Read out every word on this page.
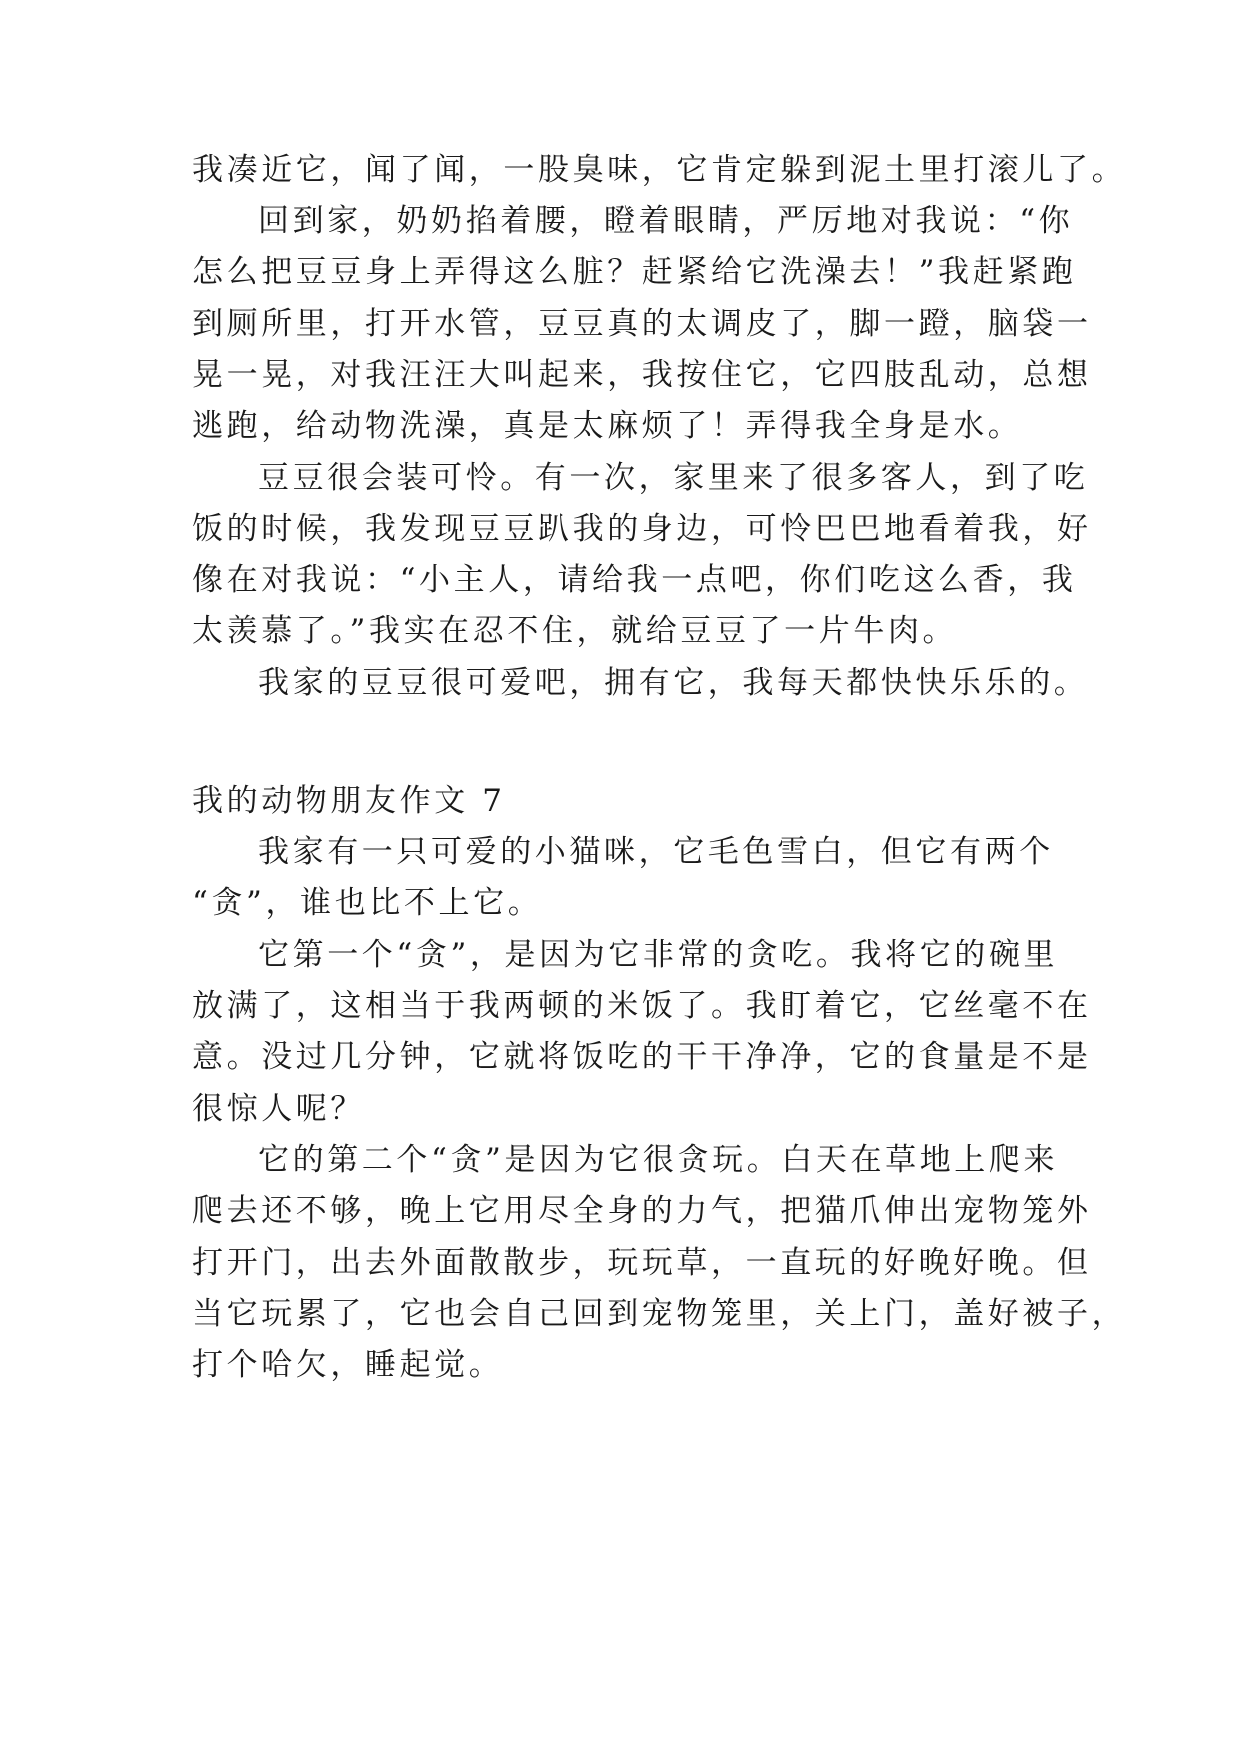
我凑近它，闻了闻，一股臭味，它肯定躲到泥土里打滚儿了。

回到家，奶奶掐着腰，瞪着眼睛，严厉地对我说：“你

怎么把豆豆身上弄得这么脏？赶紧给它洗澡去！”我赶紧跑

到厕所里，打开水管，豆豆真的太调皮了，脚一蹬，脑袋一

晃一晃，对我汪汪大叫起来，我按住它，它四肢乱动，总想

逃跑，给动物洗澡，真是太麻烦了！弄得我全身是水。

豆豆很会装可怜。有一次，家里来了很多客人，到了吃

饭的时候，我发现豆豆趴我的身边，可怜巴巴地看着我，好

像在对我说：“小主人，请给我一点吧，你们吃这么香，我

太羡慕了。”我实在忍不住，就给豆豆了一片牛肉。

我家的豆豆很可爱吧，拥有它，我每天都快快乐乐的。

我的动物朋友作文 7

我家有一只可爱的小猫咪，它毛色雪白，但它有两个

“贪”，谁也比不上它。

它第一个“贪”，是因为它非常的贪吃。我将它的碗里

放满了，这相当于我两顿的米饭了。我盯着它，它丝毫不在

意。没过几分钟，它就将饭吃的干干净净，它的食量是不是

很惊人呢？

它的第二个“贪”是因为它很贪玩。白天在草地上爬来

爬去还不够，晚上它用尽全身的力气，把猫爪伸出宠物笼外

打开门，出去外面散散步，玩玩草，一直玩的好晚好晚。但

当它玩累了，它也会自己回到宠物笼里，关上门，盖好被子，

打个哈欠，睡起觉。
